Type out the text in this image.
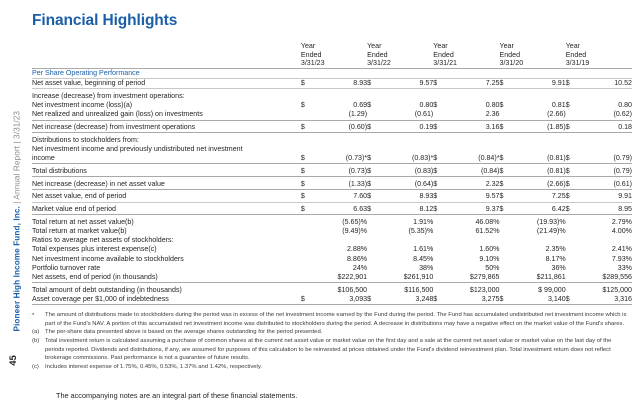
Pioneer High Income Fund, Inc. | Annual Report | 3/31/23
45
Financial Highlights
	Year
Ended
3/31/23		Year
Ended
3/31/22		Year
Ended
3/31/21		Year
Ended
3/31/20		Year
Ended
3/31/19	
Per Share Operating Performance										
Net asset value, beginning of period	$	8.93	$	9.57	$	7.25	$	9.91	$	10.52
Increase (decrease) from investment operations:										
Net investment income (loss)(a)	$	0.69	$	0.80	$	0.80	$	0.81	$	0.80
Net realized and unrealized gain (loss) on investments		(1.29)		(0.61)		2.36		(2.66)		(0.62)
Net increase (decrease) from investment operations	$	(0.60)	$	0.19	$	3.16	$	(1.85)	$	0.18
Distributions to stockholders from:										
Net investment income and previously undistributed net investment										
income	$	(0.73)*	$	(0.83)*	$	(0.84)*	$	(0.81)	$	(0.79)
Total distributions	$	(0.73)	$	(0.83)	$	(0.84)	$	(0.81)	$	(0.79)
Net increase (decrease) in net asset value	$	(1.33)	$	(0.64)	$	2.32	$	(2.66)	$	(0.61)
Net asset value, end of period	$	7.60	$	8.93	$	9.57	$	7.25	$	9.91
Market value end of period	$	6.63	$	8.12	$	9.37	$	6.42	$	8.95
Total return at net asset value(b)		(5.65)%		1.91%		46.08%		(19.93)%		2.79%
Total return at market value(b)		(9.49)%		(5.35)%		61.52%		(21.49)%		4.00%
Ratios to average net assets of stockholders:										
Total expenses plus interest expense(c)		2.88%		1.61%		1.60%		2.35%		2.41%
Net investment income available to stockholders		8.86%		8.45%		9.10%		8.17%		7.93%
Portfolio turnover rate		24%		38%		50%		36%		33%
Net assets, end of period (in thousands)		$222,901		$261,910		$279,865		$211,861		$289,556
Total amount of debt outstanding (in thousands)		$106,500		$116,500		$123,000		$ 99,000		$125,000
Asset coverage per $1,000 of indebtedness	$	3,093	$	3,248	$	3,275	$	3,140	$	3,316
*	The amount of distributions made to stockholders during the period was in excess of the net investment income earned by the Fund during the period. The Fund has accumulated undistributed net investment income which is part of the Fund's NAV. A portion of this accumulated net investment income was distributed to stockholders during the period. A decrease in distributions may have a negative effect on the market value of the Fund's shares.
(a) The per-share data presented above is based on the average shares outstanding for the period presented.
(b) Total investment return is calculated assuming a purchase of common shares at the current net asset value or market value on the first day and a sale at the current net asset value or market value on the last day of the periods reported. Dividends and distributions, if any, are assumed for purposes of this calculation to be reinvested at prices obtained under the Fund's dividend reinvestment plan. Total investment return does not reflect brokerage commissions. Past performance is not a guarantee of future results.
(c)	Includes interest expense of 1.75%, 0.45%, 0.53%, 1.37% and 1.42%, respectively.
The accompanying notes are an integral part of these financial statements.
